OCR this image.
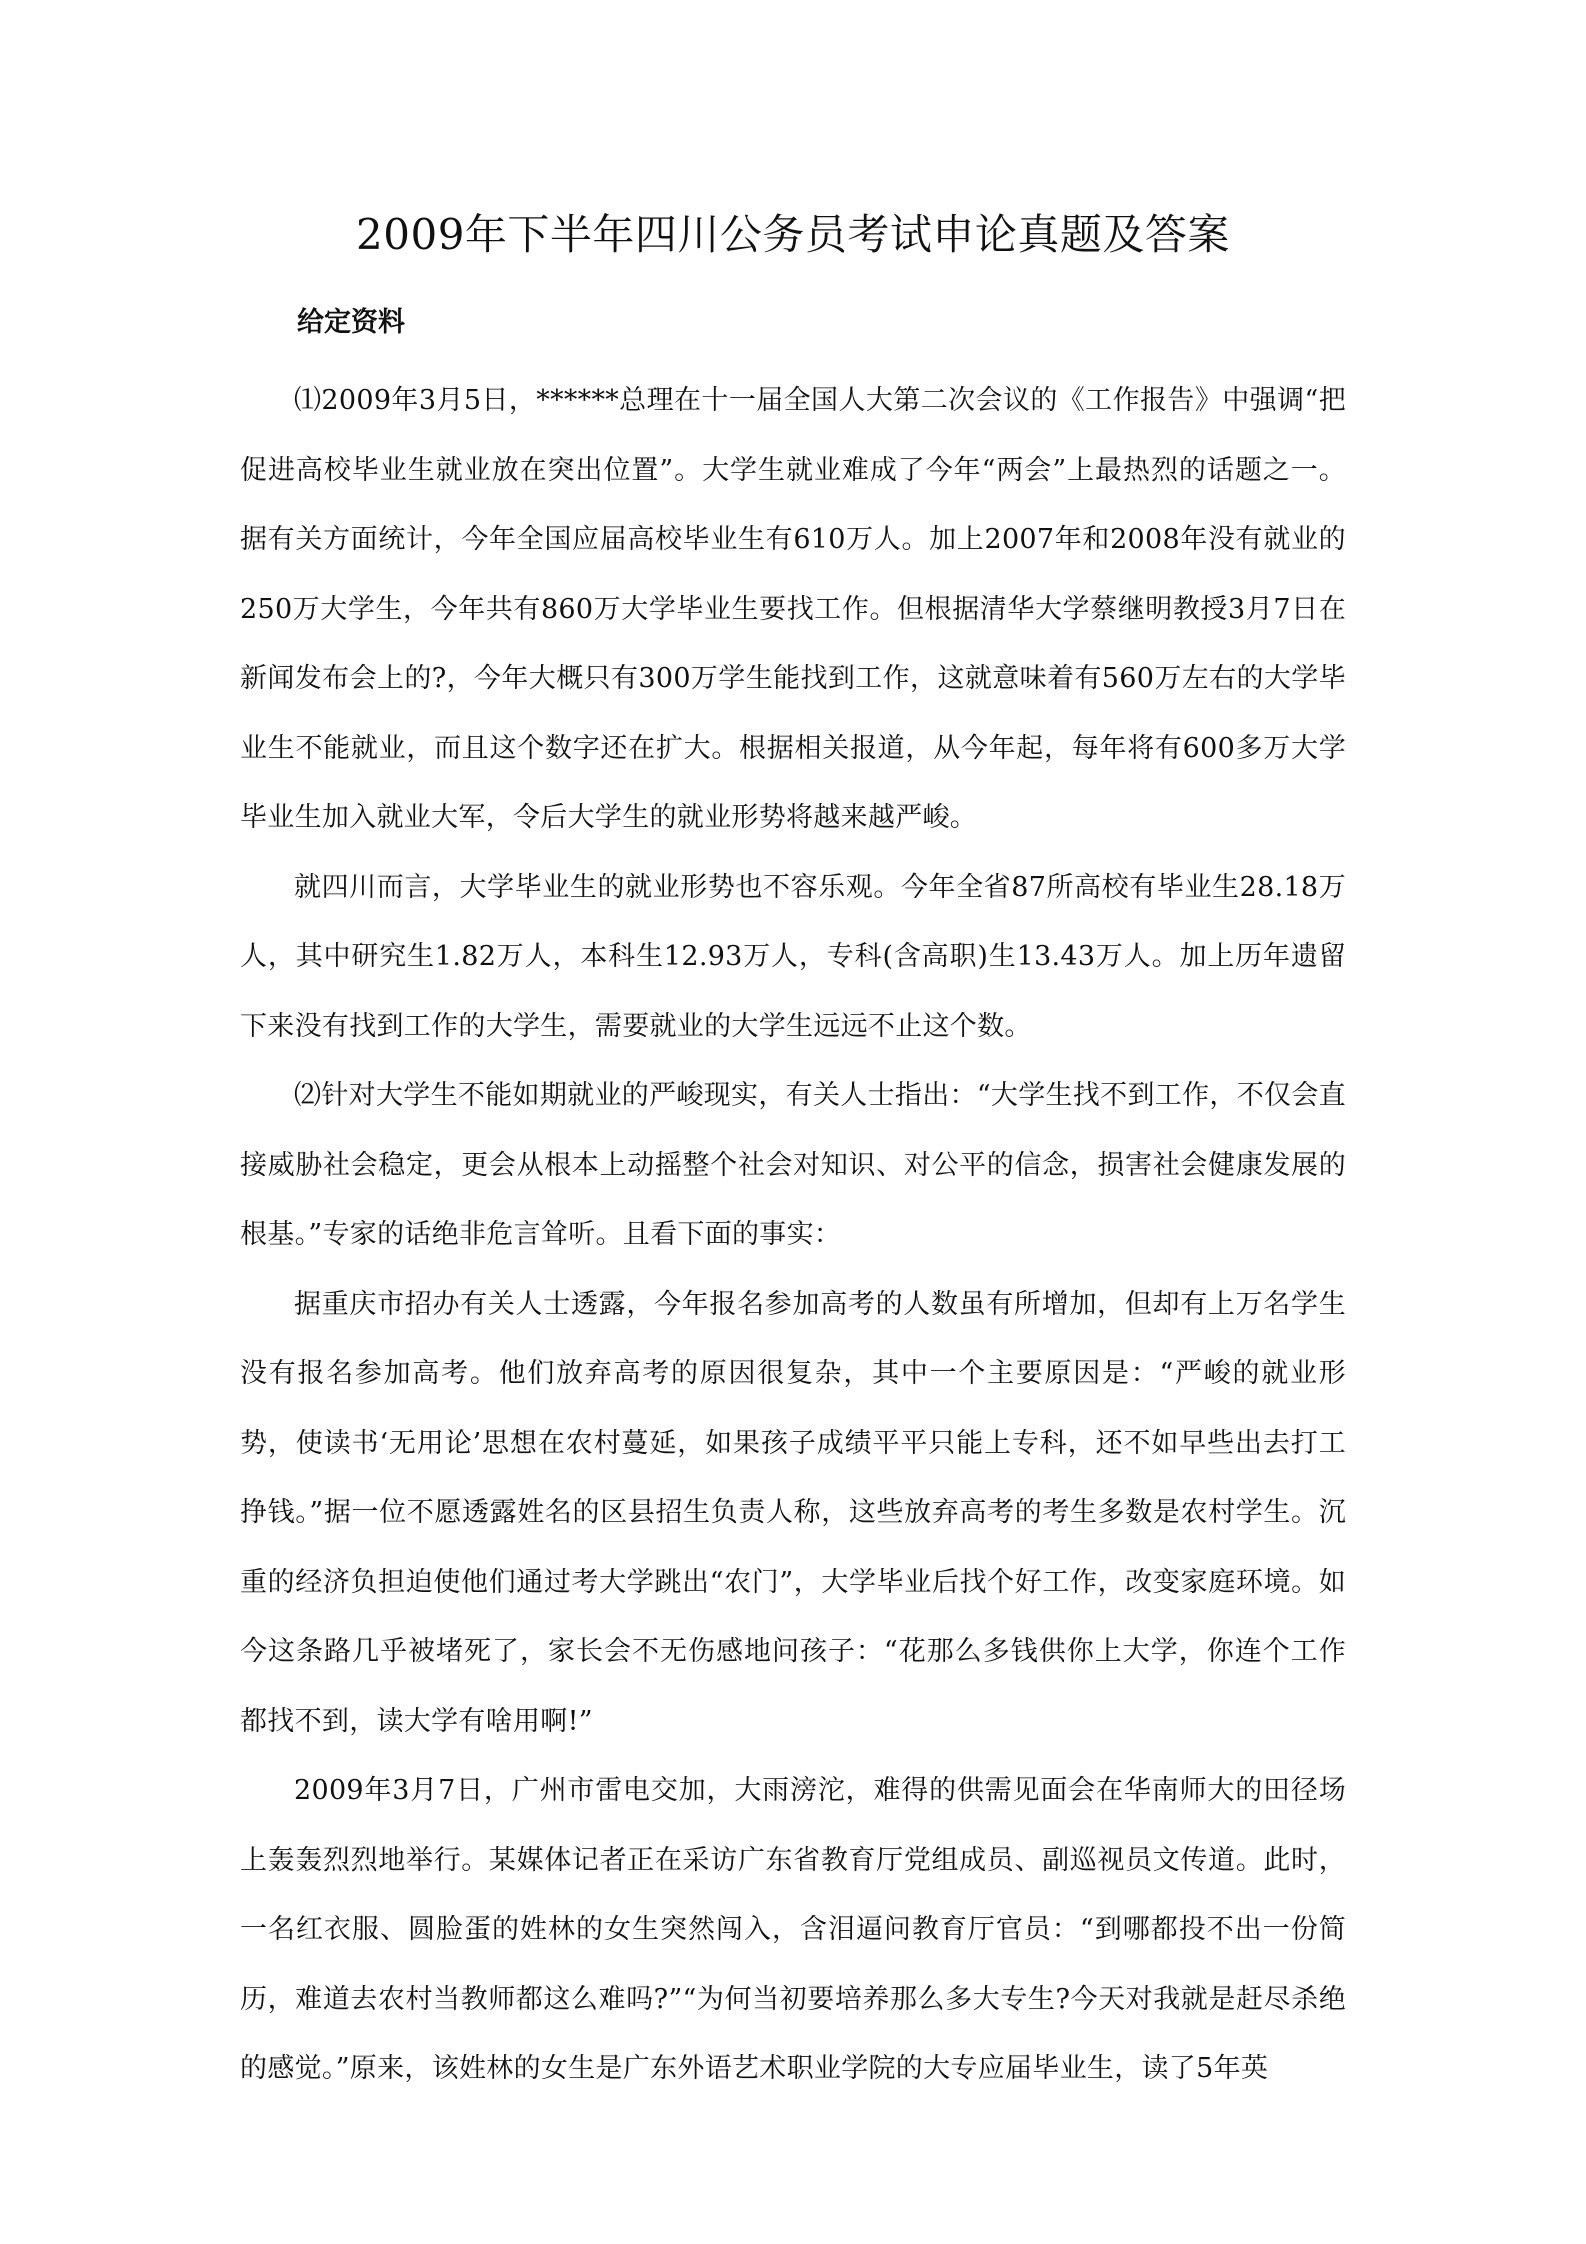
2009年下半年四川公务员考试申论真题及答案
给定资料

⑴2009年3月5日，******总理在十一届全国人大第二次会议的《工作报告》中强调“把促进高校毕业生就业放在突出位置”。大学生就业难成了今年“两会”上最热烈的话题之一。据有关方面统计，今年全国应届高校毕业生有610万人。加上2007年和2008年没有就业的250万大学生，今年共有860万大学毕业生要找工作。但根据清华大学蔡继明教授3月7日在新闻发布会上的?，今年大概只有300万学生能找到工作，这就意味着有560万左右的大学毕业生不能就业，而且这个数字还在扩大。根据相关报道，从今年起，每年将有600多万大学毕业生加入就业大军，令后大学生的就业形势将越来越严峻。

就四川而言，大学毕业生的就业形势也不容乐观。今年全省87所高校有毕业生28.18万人，其中研究生1.82万人，本科生12.93万人，专科(含高职)生13.43万人。加上历年遗留下来没有找到工作的大学生，需要就业的大学生远远不止这个数。

⑵针对大学生不能如期就业的严峻现实，有关人士指出：“大学生找不到工作，不仅会直接威胁社会稳定，更会从根本上动摇整个社会对知识、对公平的信念，损害社会健康发展的根基。”专家的话绝非危言耸听。且看下面的事实：

据重庆市招办有关人士透露，今年报名参加高考的人数虽有所增加，但却有上万名学生没有报名参加高考。他们放弃高考的原因很复杂，其中一个主要原因是：“严峻的就业形势，使读书‘无用论’思想在农村蔓延，如果孩子成绩平平只能上专科，还不如早些出去打工挣钱。”据一位不愿透露姓名的区县招生负责人称，这些放弃高考的考生多数是农村学生。沉重的经济负担迫使他们通过考大学跳出“农门”，大学毕业后找个好工作，改变家庭环境。如今这条路几乎被堵死了，家长会不无伤感地问孩子：“花那么多钱供你上大学，你连个工作都找不到，读大学有啥用啊!”

2009年3月7日，广州市雷电交加，大雨滂沱，难得的供需见面会在华南师大的田径场上轰轰烈烈地举行。某媒体记者正在采访广东省教育厅党组成员、副巡视员文传道。此时，一名红衣服、圆脸蛋的姓林的女生突然闯入，含泪逼问教育厅官员：“到哪都投不出一份简历，难道去农村当教师都这么难吗?”“为何当初要培养那么多大专生?今天对我就是赶尽杀绝的感觉。”原来，该姓林的女生是广东外语艺术职业学院的大专应届毕业生，读了5年英
